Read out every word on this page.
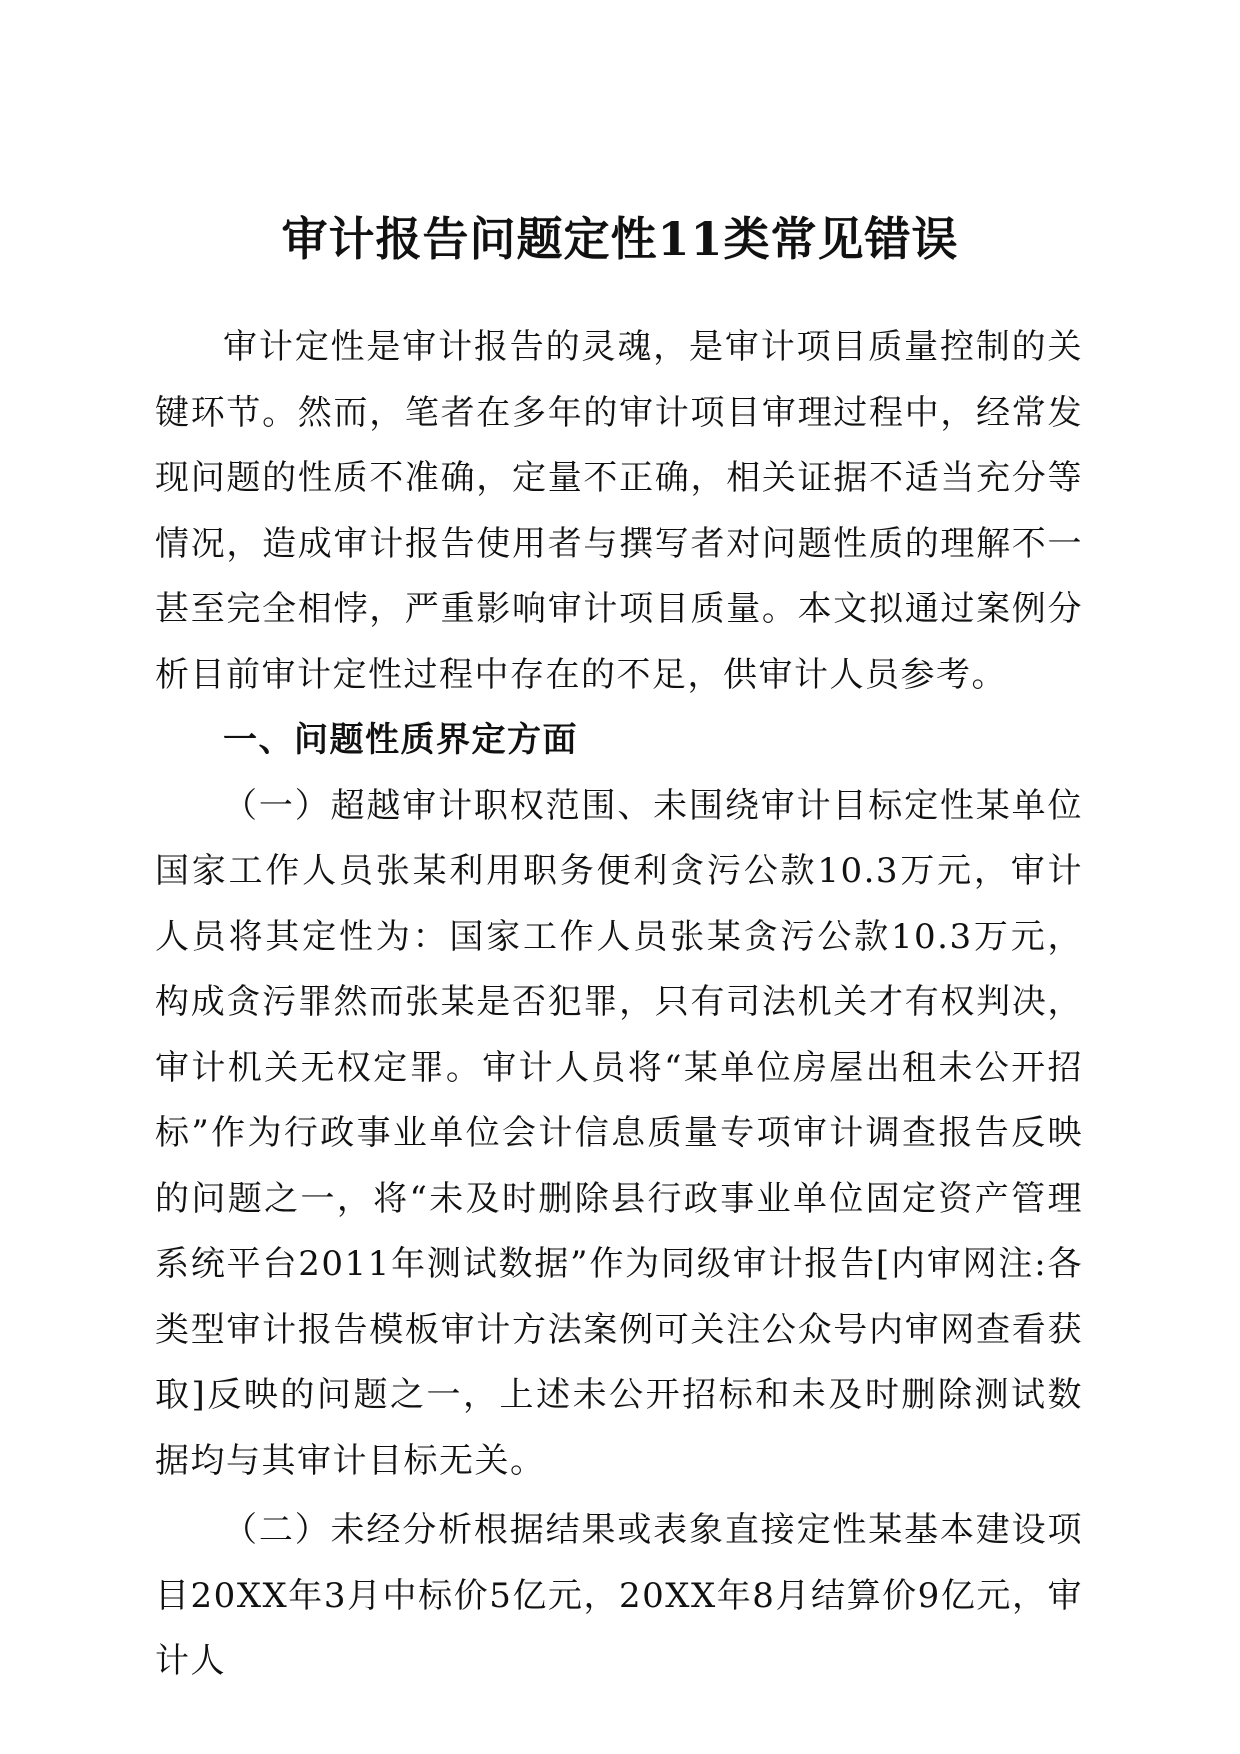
审计报告问题定性11类常见错误

审计定性是审计报告的灵魂，是审计项目质量控制的关键环节。然而，笔者在多年的审计项目审理过程中，经常发现问题的性质不准确，定量不正确，相关证据不适当充分等情况，造成审计报告使用者与撰写者对问题性质的理解不一甚至完全相悖，严重影响审计项目质量。本文拟通过案例分析目前审计定性过程中存在的不足，供审计人员参考。

一、问题性质界定方面

（一）超越审计职权范围、未围绕审计目标定性某单位国家工作人员张某利用职务便利贪污公款10.3万元，审计人员将其定性为：国家工作人员张某贪污公款10.3万元，构成贪污罪然而张某是否犯罪，只有司法机关才有权判决，审计机关无权定罪。审计人员将“某单位房屋出租未公开招标”作为行政事业单位会计信息质量专项审计调查报告反映的问题之一，将“未及时删除县行政事业单位固定资产管理系统平台2011年测试数据”作为同级审计报告[内审网注:各类型审计报告模板审计方法案例可关注公众号内审网查看获取]反映的问题之一，上述未公开招标和未及时删除测试数据均与其审计目标无关。

（二）未经分析根据结果或表象直接定性某基本建设项目20XX年3月中标价5亿元，20XX年8月结算价9亿元，审计人
